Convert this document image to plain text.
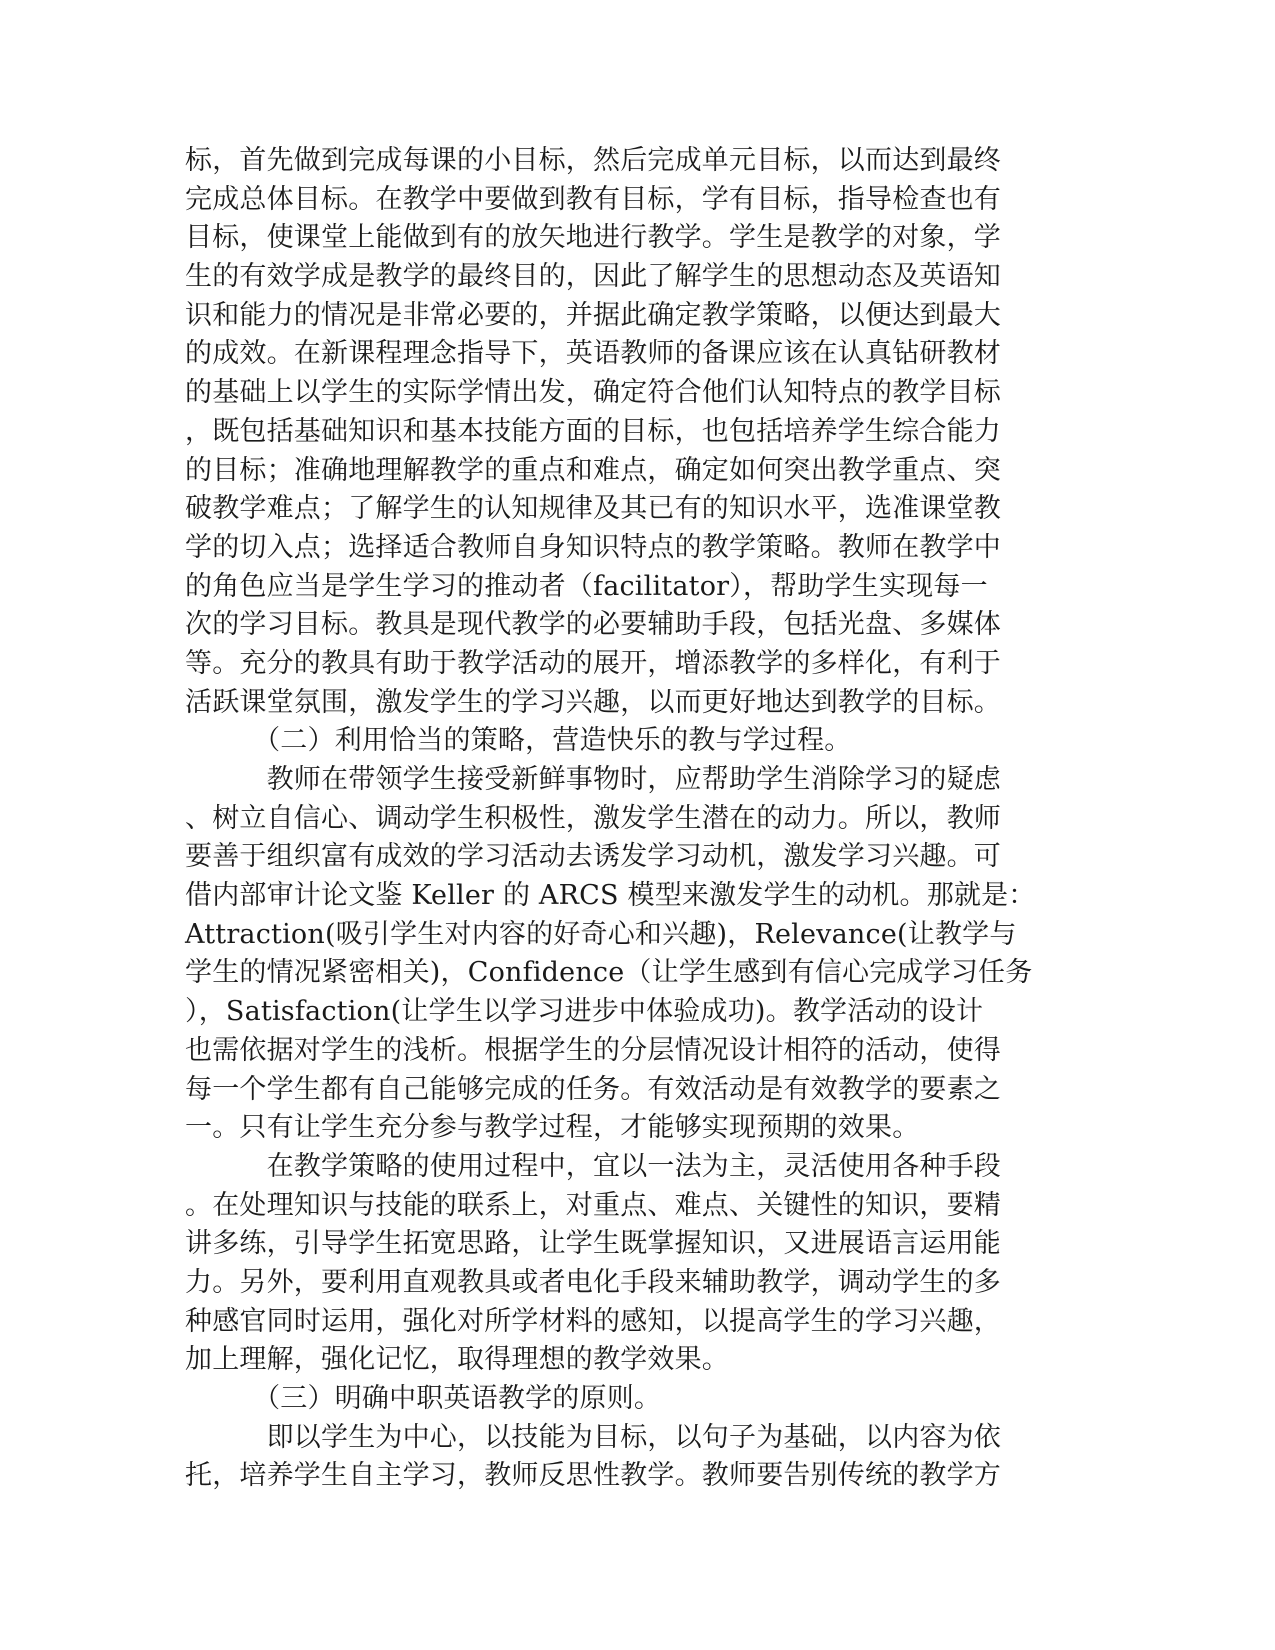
标，首先做到完成每课的小目标，然后完成单元目标，以而达到最终
完成总体目标。在教学中要做到教有目标，学有目标，指导检查也有
目标，使课堂上能做到有的放矢地进行教学。学生是教学的对象，学
生的有效学成是教学的最终目的，因此了解学生的思想动态及英语知
识和能力的情况是非常必要的，并据此确定教学策略，以便达到最大
的成效。在新课程理念指导下，英语教师的备课应该在认真钻研教材
的基础上以学生的实际学情出发，确定符合他们认知特点的教学目标
，既包括基础知识和基本技能方面的目标，也包括培养学生综合能力
的目标；准确地理解教学的重点和难点，确定如何突出教学重点、突
破教学难点；了解学生的认知规律及其已有的知识水平，选准课堂教
学的切入点；选择适合教师自身知识特点的教学策略。教师在教学中
的角色应当是学生学习的推动者（facilitator），帮助学生实现每一
次的学习目标。教具是现代教学的必要辅助手段，包括光盘、多媒体
等。充分的教具有助于教学活动的展开，增添教学的多样化，有利于
活跃课堂氛围，激发学生的学习兴趣，以而更好地达到教学的目标。
　　　（二）利用恰当的策略，营造快乐的教与学过程。
　　　教师在带领学生接受新鲜事物时，应帮助学生消除学习的疑虑
、树立自信心、调动学生积极性，激发学生潜在的动力。所以，教师
要善于组织富有成效的学习活动去诱发学习动机，激发学习兴趣。可
借内部审计论文鉴 Keller 的 ARCS 模型来激发学生的动机。那就是：
Attraction(吸引学生对内容的好奇心和兴趣)，Relevance(让教学与
学生的情况紧密相关)，Confidence（让学生感到有信心完成学习任务
），Satisfaction(让学生以学习进步中体验成功)。教学活动的设计
也需依据对学生的浅析。根据学生的分层情况设计相符的活动，使得
每一个学生都有自己能够完成的任务。有效活动是有效教学的要素之
一。只有让学生充分参与教学过程，才能够实现预期的效果。
　　　在教学策略的使用过程中，宜以一法为主，灵活使用各种手段
。在处理知识与技能的联系上，对重点、难点、关键性的知识，要精
讲多练，引导学生拓宽思路，让学生既掌握知识，又进展语言运用能
力。另外，要利用直观教具或者电化手段来辅助教学，调动学生的多
种感官同时运用，强化对所学材料的感知，以提高学生的学习兴趣，
加上理解，强化记忆，取得理想的教学效果。
　　　（三）明确中职英语教学的原则。
　　　即以学生为中心，以技能为目标，以句子为基础，以内容为依
托，培养学生自主学习，教师反思性教学。教师要告别传统的教学方
